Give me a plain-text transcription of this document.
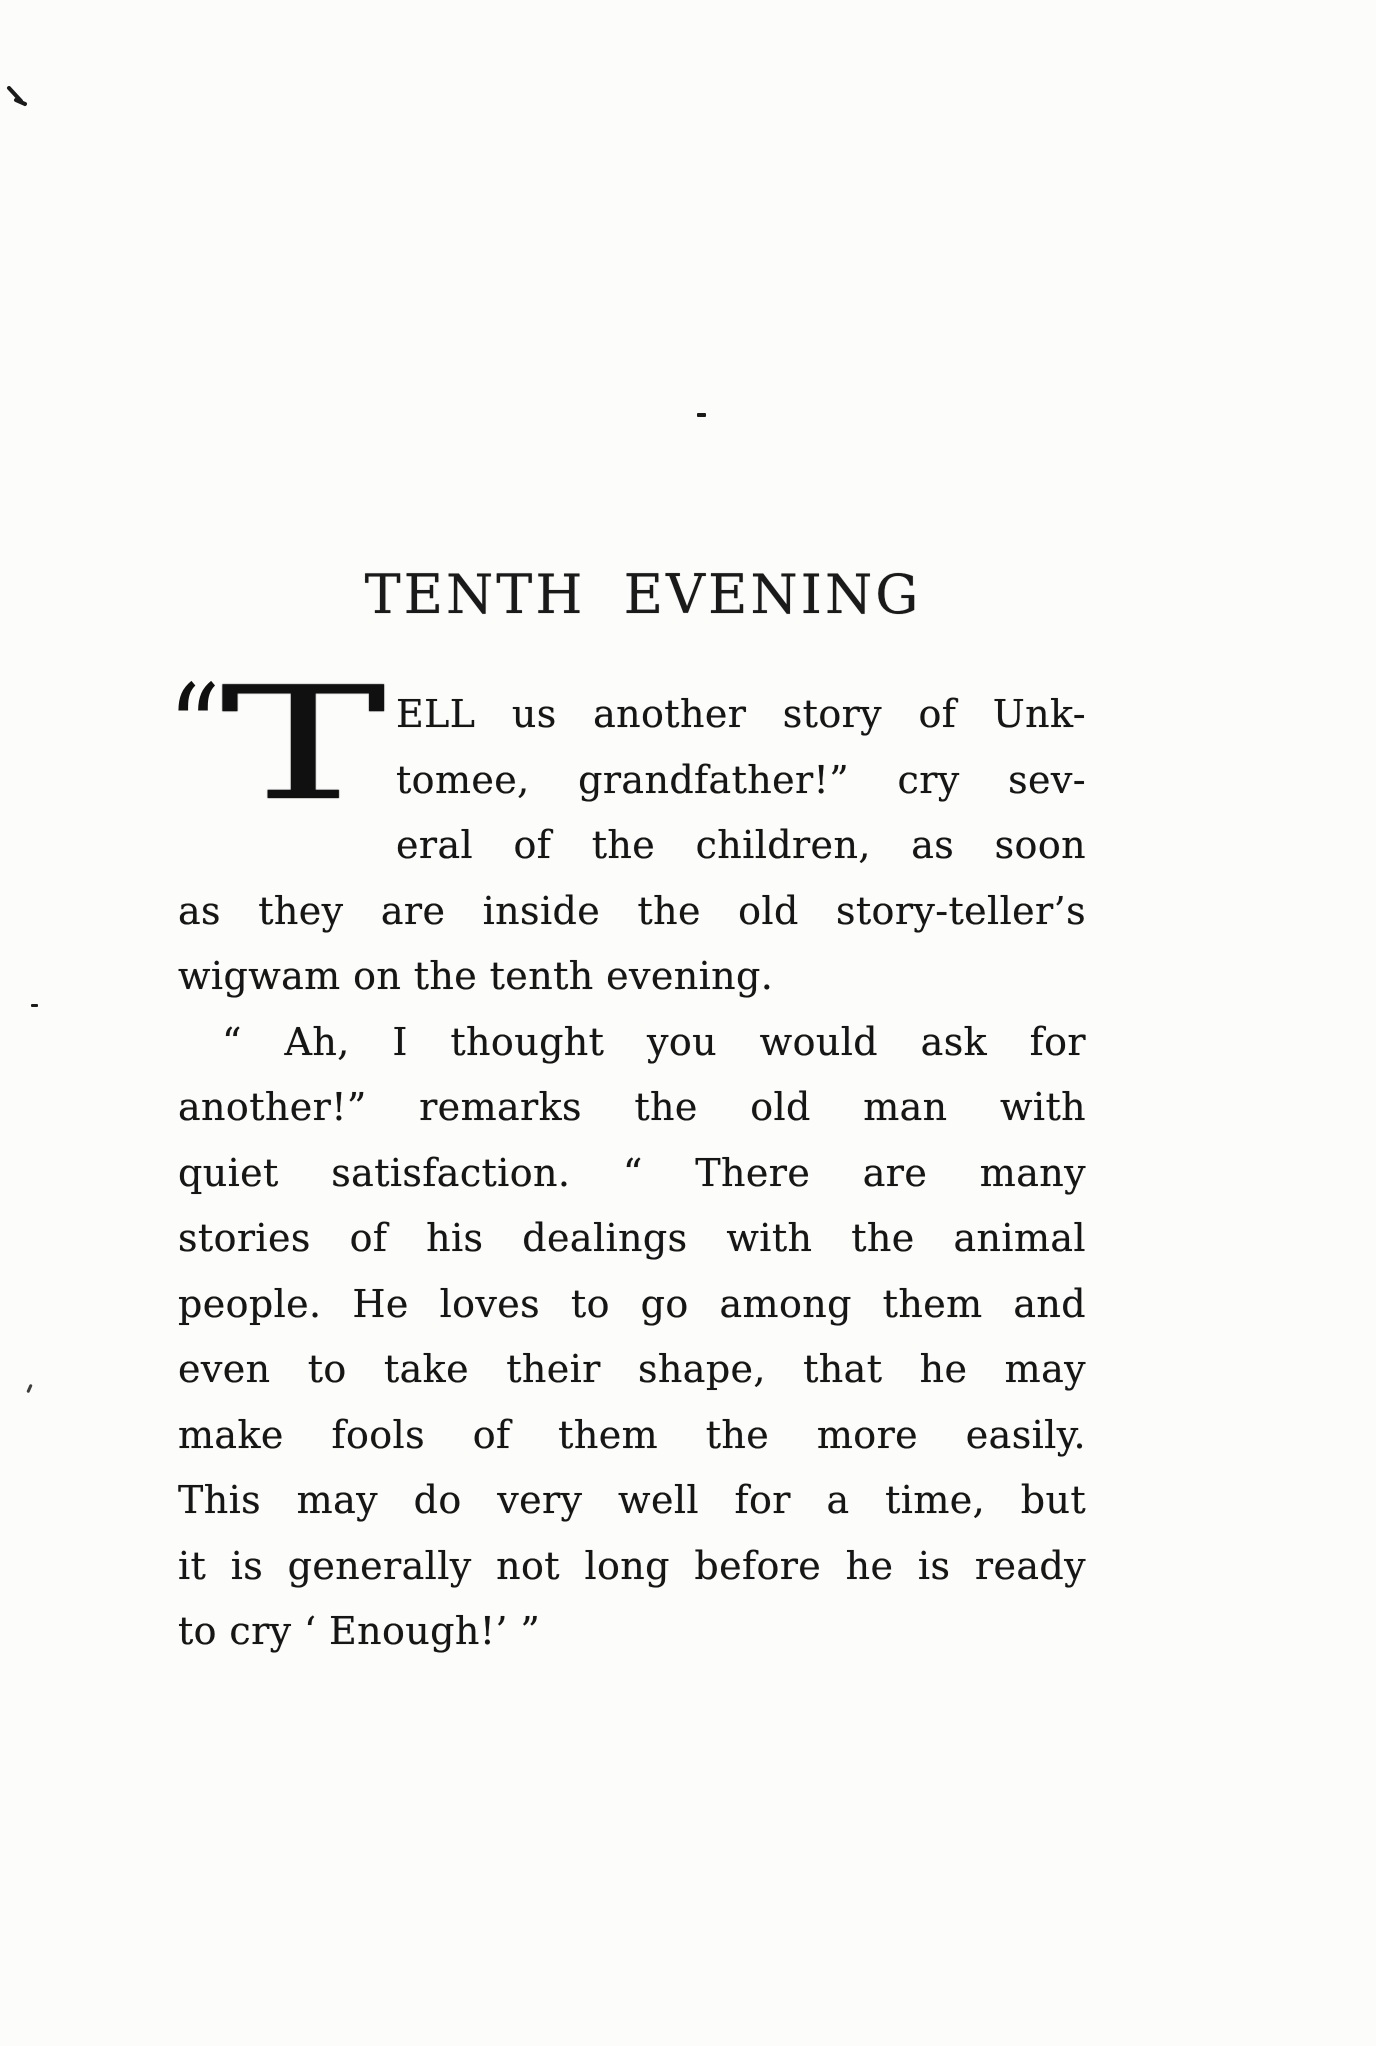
TENTH EVENING
“ T ELL us another story of Unk-
tomee, grandfather!” cry sev-
eral of the children, as soon
as they are inside the old story-teller’s
wigwam on the tenth evening.
“ Ah, I thought you would ask for
another!” remarks the old man with
quiet satisfaction. “ There are many
stories of his dealings with the animal
people. He loves to go among them and
even to take their shape, that he may
make fools of them the more easily.
This may do very well for a time, but
it is generally not long before he is ready
to cry ‘ Enough!’ ”
